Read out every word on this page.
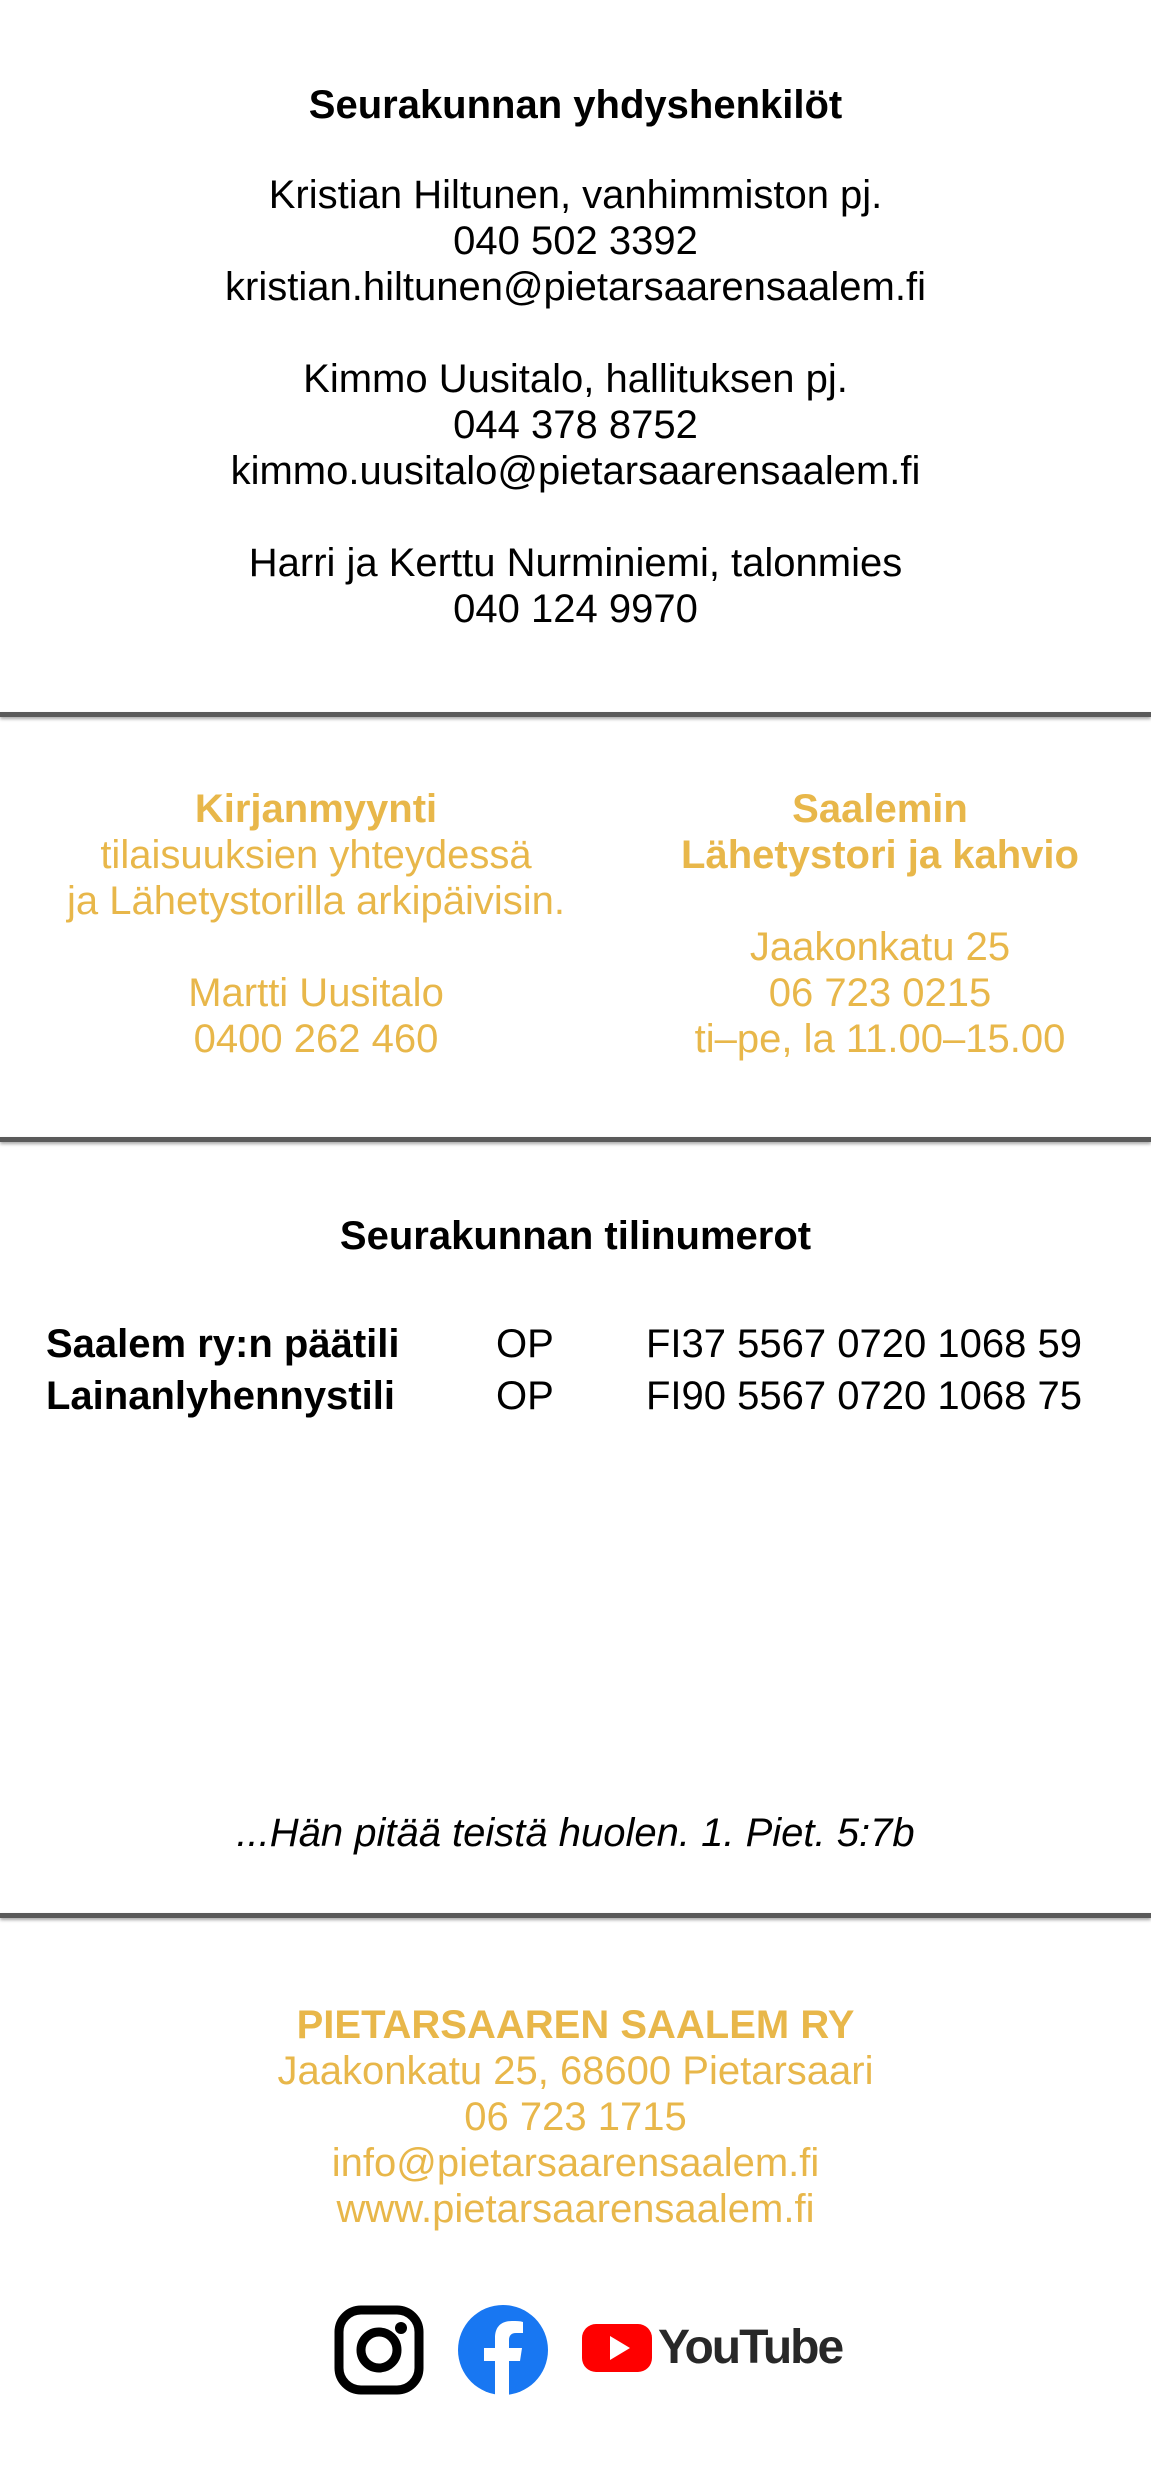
Seurakunnan yhdyshenkilöt

Kristian Hiltunen, vanhimmiston pj.

040 502 3392

kristian.hiltunen@pietarsaarensaalem.fi

Kimmo Uusitalo, hallituksen pj.

044 378 8752

kimmo.uusitalo@pietarsaarensaalem.fi

Harri ja Kerttu Nurminiemi, talonmies

040 124 9970

Kirjanmyynti

tilaisuuksien yhteydessä

ja Lähetystorilla arkipäivisin.

Martti Uusitalo

0400 262 460

Saalemin

Lähetystori ja kahvio

Jaakonkatu 25

06 723 0215

ti–pe, la 11.00–15.00

Seurakunnan tilinumerot

Saalem ry:n päätili OP FI37 5567 0720 1068 59
Lainanlyhennystili	OP FI90 5567 0720 1068 75

...Hän pitää teistä huolen. 1. Piet. 5:7b

PIETARSAAREN SAALEM RY

Jaakonkatu 25, 68600 Pietarsaari

06 723 1715

info@pietarsaarensaalem.fi

www.pietarsaarensaalem.fi

YouTube
